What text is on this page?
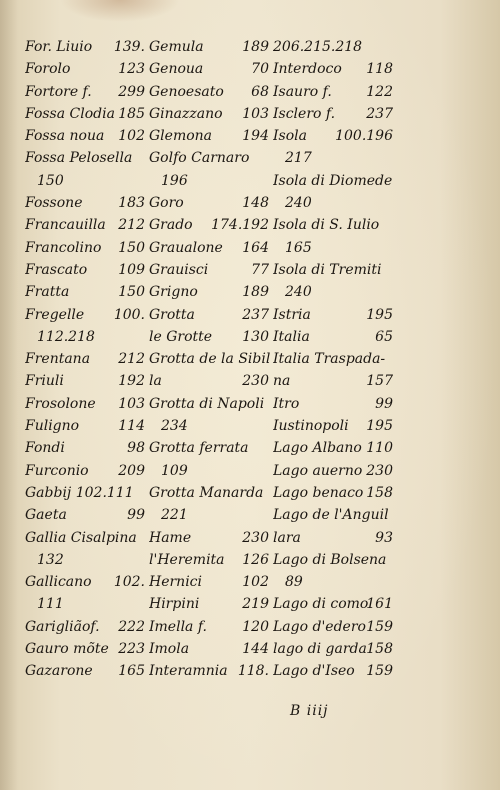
For. Liuio 139.
Forolo	123
Fortore f. 299
Fossa Clodia 185
Fossa noua 102
Fossa Pelosella
150
Fossone	183
Francauilla 212
Francolino 150
Frascato 109
Fratta	150
Fregelle 100.
112.218
Frentana 212
Friuli	192
Frosolone 103
Fuligno	114
Fondi	98
Furconio 209
Gabbij 102.111
Gaeta	99
Gallia Cisalpina
132
Gallicano 102.
111
Garigliãof. 222
Gauro mõte 223
Gazarone 165
Gemula	189
Genoua	70
Genoesato 68
Ginazzano 103
Glemona 194
Golfo Carnaro
196
Goro	148
Grado 174.192
Graualone 164
Grauisci	77
Grigno	189
Grotta	237
le Grotte 130
Grotta de la Sibil
la	230
Grotta di Napoli
234
Grotta ferrata
109
Grotta Manarda
221
Hame	230
l'Heremita 126
Hernici	102
Hirpini	219
Imella f.	120
Imola	144
Interamnia 118.
206.215.218
Interdoco 118
Isauro f. 122
Isclero f. 237
Isola 100.196
217
Isola di Diomede
240
Isola di S. Iulio
165
Isola di Tremiti
240
Istria	195
Italia	65
Italia Traspada-
na	157
Itro	99
Iustinopoli 195
Lago Albano 110
Lago auerno 230
Lago benaco 158
Lago de l'Anguil
lara	93
Lago di Bolsena
89
Lago di como
161
Lago d'edero 159
lago di garda 158
Lago d'Iseo 159
B iiij
